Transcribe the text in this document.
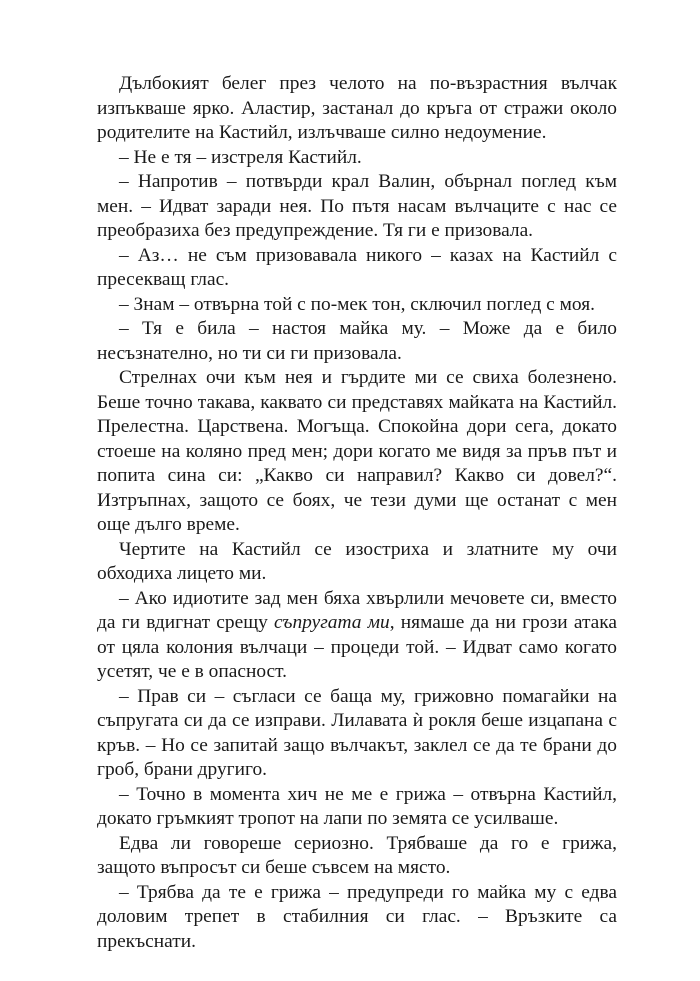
Дълбокият белег през челото на по-възрастния вълчак изпъкваше ярко. Аластир, застанал до кръга от стражи около родителите на Кастийл, излъчваше силно недоумение.

– Не е тя – изстреля Кастийл.

– Напротив – потвърди крал Валин, обърнал поглед към мен. – Идват заради нея. По пътя насам вълчаците с нас се преобразиха без предупреждение. Тя ги е призовала.

– Аз… не съм призовавала никого – казах на Кастийл с пресекващ глас.

– Знам – отвърна той с по-мек тон, сключил поглед с моя.

– Тя е била – настоя майка му. – Може да е било несъзнателно, но ти си ги призовала.

Стрелнах очи към нея и гърдите ми се свиха болезнено. Беше точно такава, каквато си представях майката на Кастийл. Прелестна. Царствена. Могъща. Спокойна дори сега, докато стоеше на коляно пред мен; дори когато ме видя за пръв път и попита сина си: „Какво си направил? Какво си довел?“. Изтръпнах, защото се боях, че тези думи ще останат с мен още дълго време.

Чертите на Кастийл се изостриха и златните му очи обходиха лицето ми.

– Ако идиотите зад мен бяха хвърлили мечовете си, вместо да ги вдигнат срещу съпругата ми, нямаше да ни грози атака от цяла колония вълчаци – процеди той. – Идват само когато усетят, че е в опасност.

– Прав си – съгласи се баща му, грижовно помагайки на съпругата си да се изправи. Лилавата ѝ рокля беше изцапана с кръв. – Но се запитай защо вълчакът, заклел се да те брани до гроб, брани другиго.

– Точно в момента хич не ме е грижа – отвърна Кастийл, докато гръмкият тропот на лапи по земята се усилваше.

Едва ли говореше сериозно. Трябваше да го е грижа, защото въпросът си беше съвсем на място.

– Трябва да те е грижа – предупреди го майка му с едва доловим трепет в стабилния си глас. – Връзките са прекъснати.
